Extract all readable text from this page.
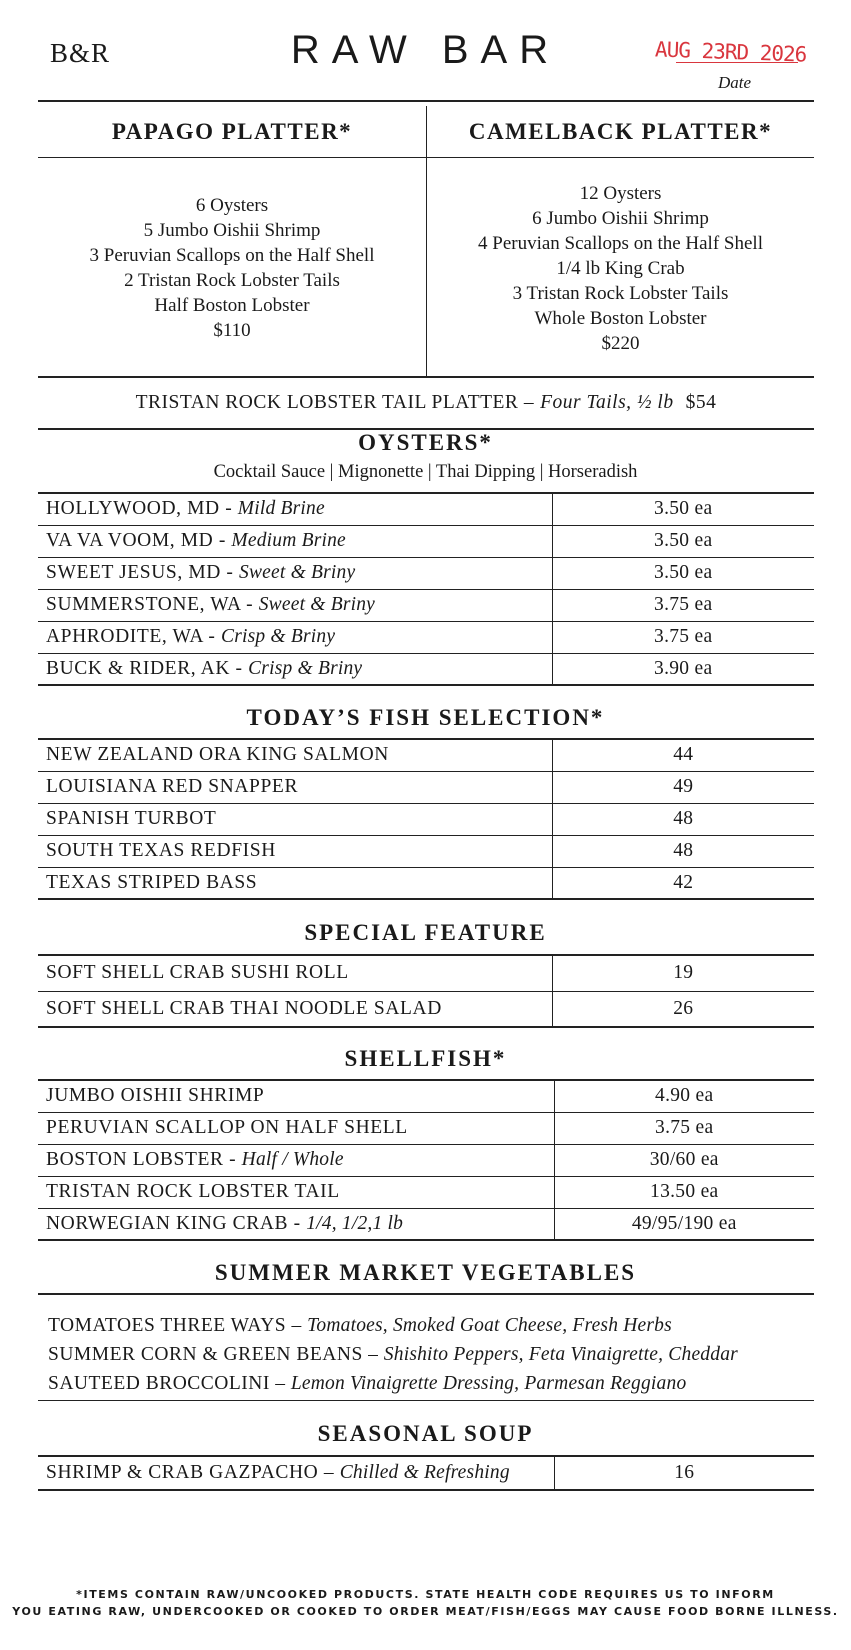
B&R	RAW BAR	AUG 23RD 2026
Date
PAPAGO PLATTER*
6 Oysters
5 Jumbo Oishii Shrimp
3 Peruvian Scallops on the Half Shell
2 Tristan Rock Lobster Tails
Half Boston Lobster
$110
CAMELBACK PLATTER*
12 Oysters
6 Jumbo Oishii Shrimp
4 Peruvian Scallops on the Half Shell
1/4 lb King Crab
3 Tristan Rock Lobster Tails
Whole Boston Lobster
$220
TRISTAN ROCK LOBSTER TAIL PLATTER – Four Tails, ½ lb $54
OYSTERS*
Cocktail Sauce | Mignonette | Thai Dipping | Horseradish
HOLLYWOOD, MD - Mild Brine	3.50 ea
VA VA VOOM, MD - Medium Brine	3.50 ea
SWEET JESUS, MD - Sweet & Briny	3.50 ea
SUMMERSTONE, WA - Sweet & Briny	3.75 ea
APHRODITE, WA - Crisp & Briny	3.75 ea
BUCK & RIDER, AK - Crisp & Briny	3.90 ea
TODAY’S FISH SELECTION*
NEW ZEALAND ORA KING SALMON	44
LOUISIANA RED SNAPPER	49
SPANISH TURBOT	48
SOUTH TEXAS REDFISH	48
TEXAS STRIPED BASS	42
SPECIAL FEATURE
SOFT SHELL CRAB SUSHI ROLL	19
SOFT SHELL CRAB THAI NOODLE SALAD	26
SHELLFISH*
JUMBO OISHII SHRIMP	4.90 ea
PERUVIAN SCALLOP ON HALF SHELL	3.75 ea
BOSTON LOBSTER - Half / Whole	30/60 ea
TRISTAN ROCK LOBSTER TAIL	13.50 ea
NORWEGIAN KING CRAB - 1/4, 1/2,1 lb	49/95/190 ea
SUMMER MARKET VEGETABLES
TOMATOES THREE WAYS – Tomatoes, Smoked Goat Cheese, Fresh Herbs
SUMMER CORN & GREEN BEANS – Shishito Peppers, Feta Vinaigrette, Cheddar
SAUTEED BROCCOLINI – Lemon Vinaigrette Dressing, Parmesan Reggiano
SEASONAL SOUP
SHRIMP & CRAB GAZPACHO – Chilled & Refreshing	16
*ITEMS CONTAIN RAW/UNCOOKED PRODUCTS. STATE HEALTH CODE REQUIRES US TO INFORM
YOU EATING RAW, UNDERCOOKED OR COOKED TO ORDER MEAT/FISH/EGGS MAY CAUSE FOOD BORNE ILLNESS.
